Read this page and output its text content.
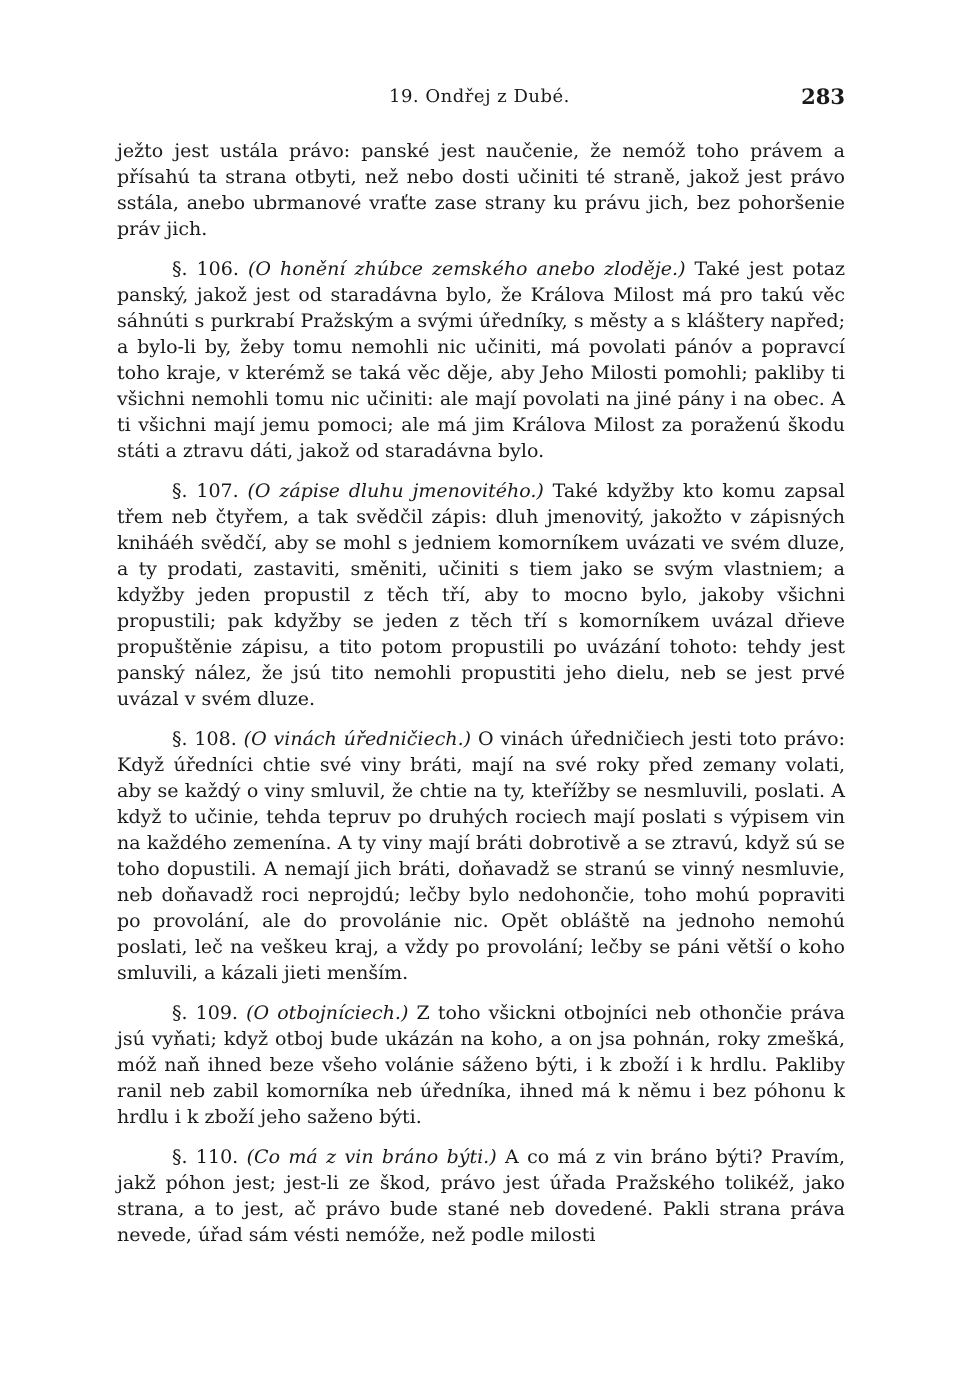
19. Ondřej z Dubé.	283

ježto jest ustála právo: panské jest naučenie, že nemóž toho právem a přísahú ta strana otbyti, než nebo dosti učiniti té straně, jakož jest právo sstála, anebo ubrmanové vraťte zase strany ku právu jich, bez pohoršenie práv jich.

§. 106. (O honění zhúbce zemského anebo zloděje.) Také jest potaz panský, jakož jest od staradávna bylo, že Králova Milost má pro takú věc sáhnúti s purkrabí Pražským a svými úředníky, s městy a s kláštery napřed; a bylo-li by, žeby tomu nemohli nic učiniti, má povolati pánóv a popravcí toho kraje, v kterémž se taká věc děje, aby Jeho Milosti pomohli; pakliby ti všichni nemohli tomu nic učiniti: ale mají povolati na jiné pány i na obec. A ti všichni mají jemu pomoci; ale má jim Králova Milost za poraženú škodu státi a ztravu dáti, jakož od staradávna bylo.

§. 107. (O zápise dluhu jmenovitého.) Také kdyžby kto komu zapsal třem neb čtyřem, a tak svědčil zápis: dluh jmenovitý, jakožto v zápisných kniháéh svědčí, aby se mohl s jedniem komorníkem uvázati ve svém dluze, a ty prodati, zastaviti, směniti, učiniti s tiem jako se svým vlastniem; a kdyžby jeden propustil z těch tří, aby to mocno bylo, jakoby všichni propustili; pak kdyžby se jeden z těch tří s komorníkem uvázal dřieve propuštěnie zápisu, a tito potom propustili po uvázání tohoto: tehdy jest panský nález, že jsú tito nemohli propustiti jeho dielu, neb se jest prvé uvázal v svém dluze.

§. 108. (O vinách úředničiech.) O vinách úředničiech jesti toto právo: Když úředníci chtie své viny bráti, mají na své roky před zemany volati, aby se každý o viny smluvil, že chtie na ty, kteřížby se nesmluvili, poslati. A když to učinie, tehda tepruv po druhých rociech mají poslati s výpisem vin na každého zemenína. A ty viny mají bráti dobrotivě a se ztravú, když sú se toho dopustili. A nemají jich bráti, doňavadž se stranú se vinný nesmluvie, neb doňavadž roci neprojdú; lečby bylo nedohončie, toho mohú popraviti po provolání, ale do provolánie nic. Opět obláště na jednoho nemohú poslati, leč na veškeu kraj, a vždy po provolání; lečby se páni větší o koho smluvili, a kázali jieti menším.

§. 109. (O otbojníciech.) Z toho všickni otbojníci neb othončie práva jsú vyňati; když otboj bude ukázán na koho, a on jsa pohnán, roky zmešká, móž naň ihned beze všeho volánie sáženo býti, i k zboží i k hrdlu. Pakliby ranil neb zabil komorníka neb úředníka, ihned má k němu i bez póhonu k hrdlu i k zboží jeho saženo býti.

§. 110. (Co má z vin bráno býti.) A co má z vin bráno býti? Pravím, jakž póhon jest; jest-li ze škod, právo jest úřada Pražského tolikéž, jako strana, a to jest, ač právo bude stané neb dovedené. Pakli strana práva nevede, úřad sám vésti nemóže, než podle milosti
